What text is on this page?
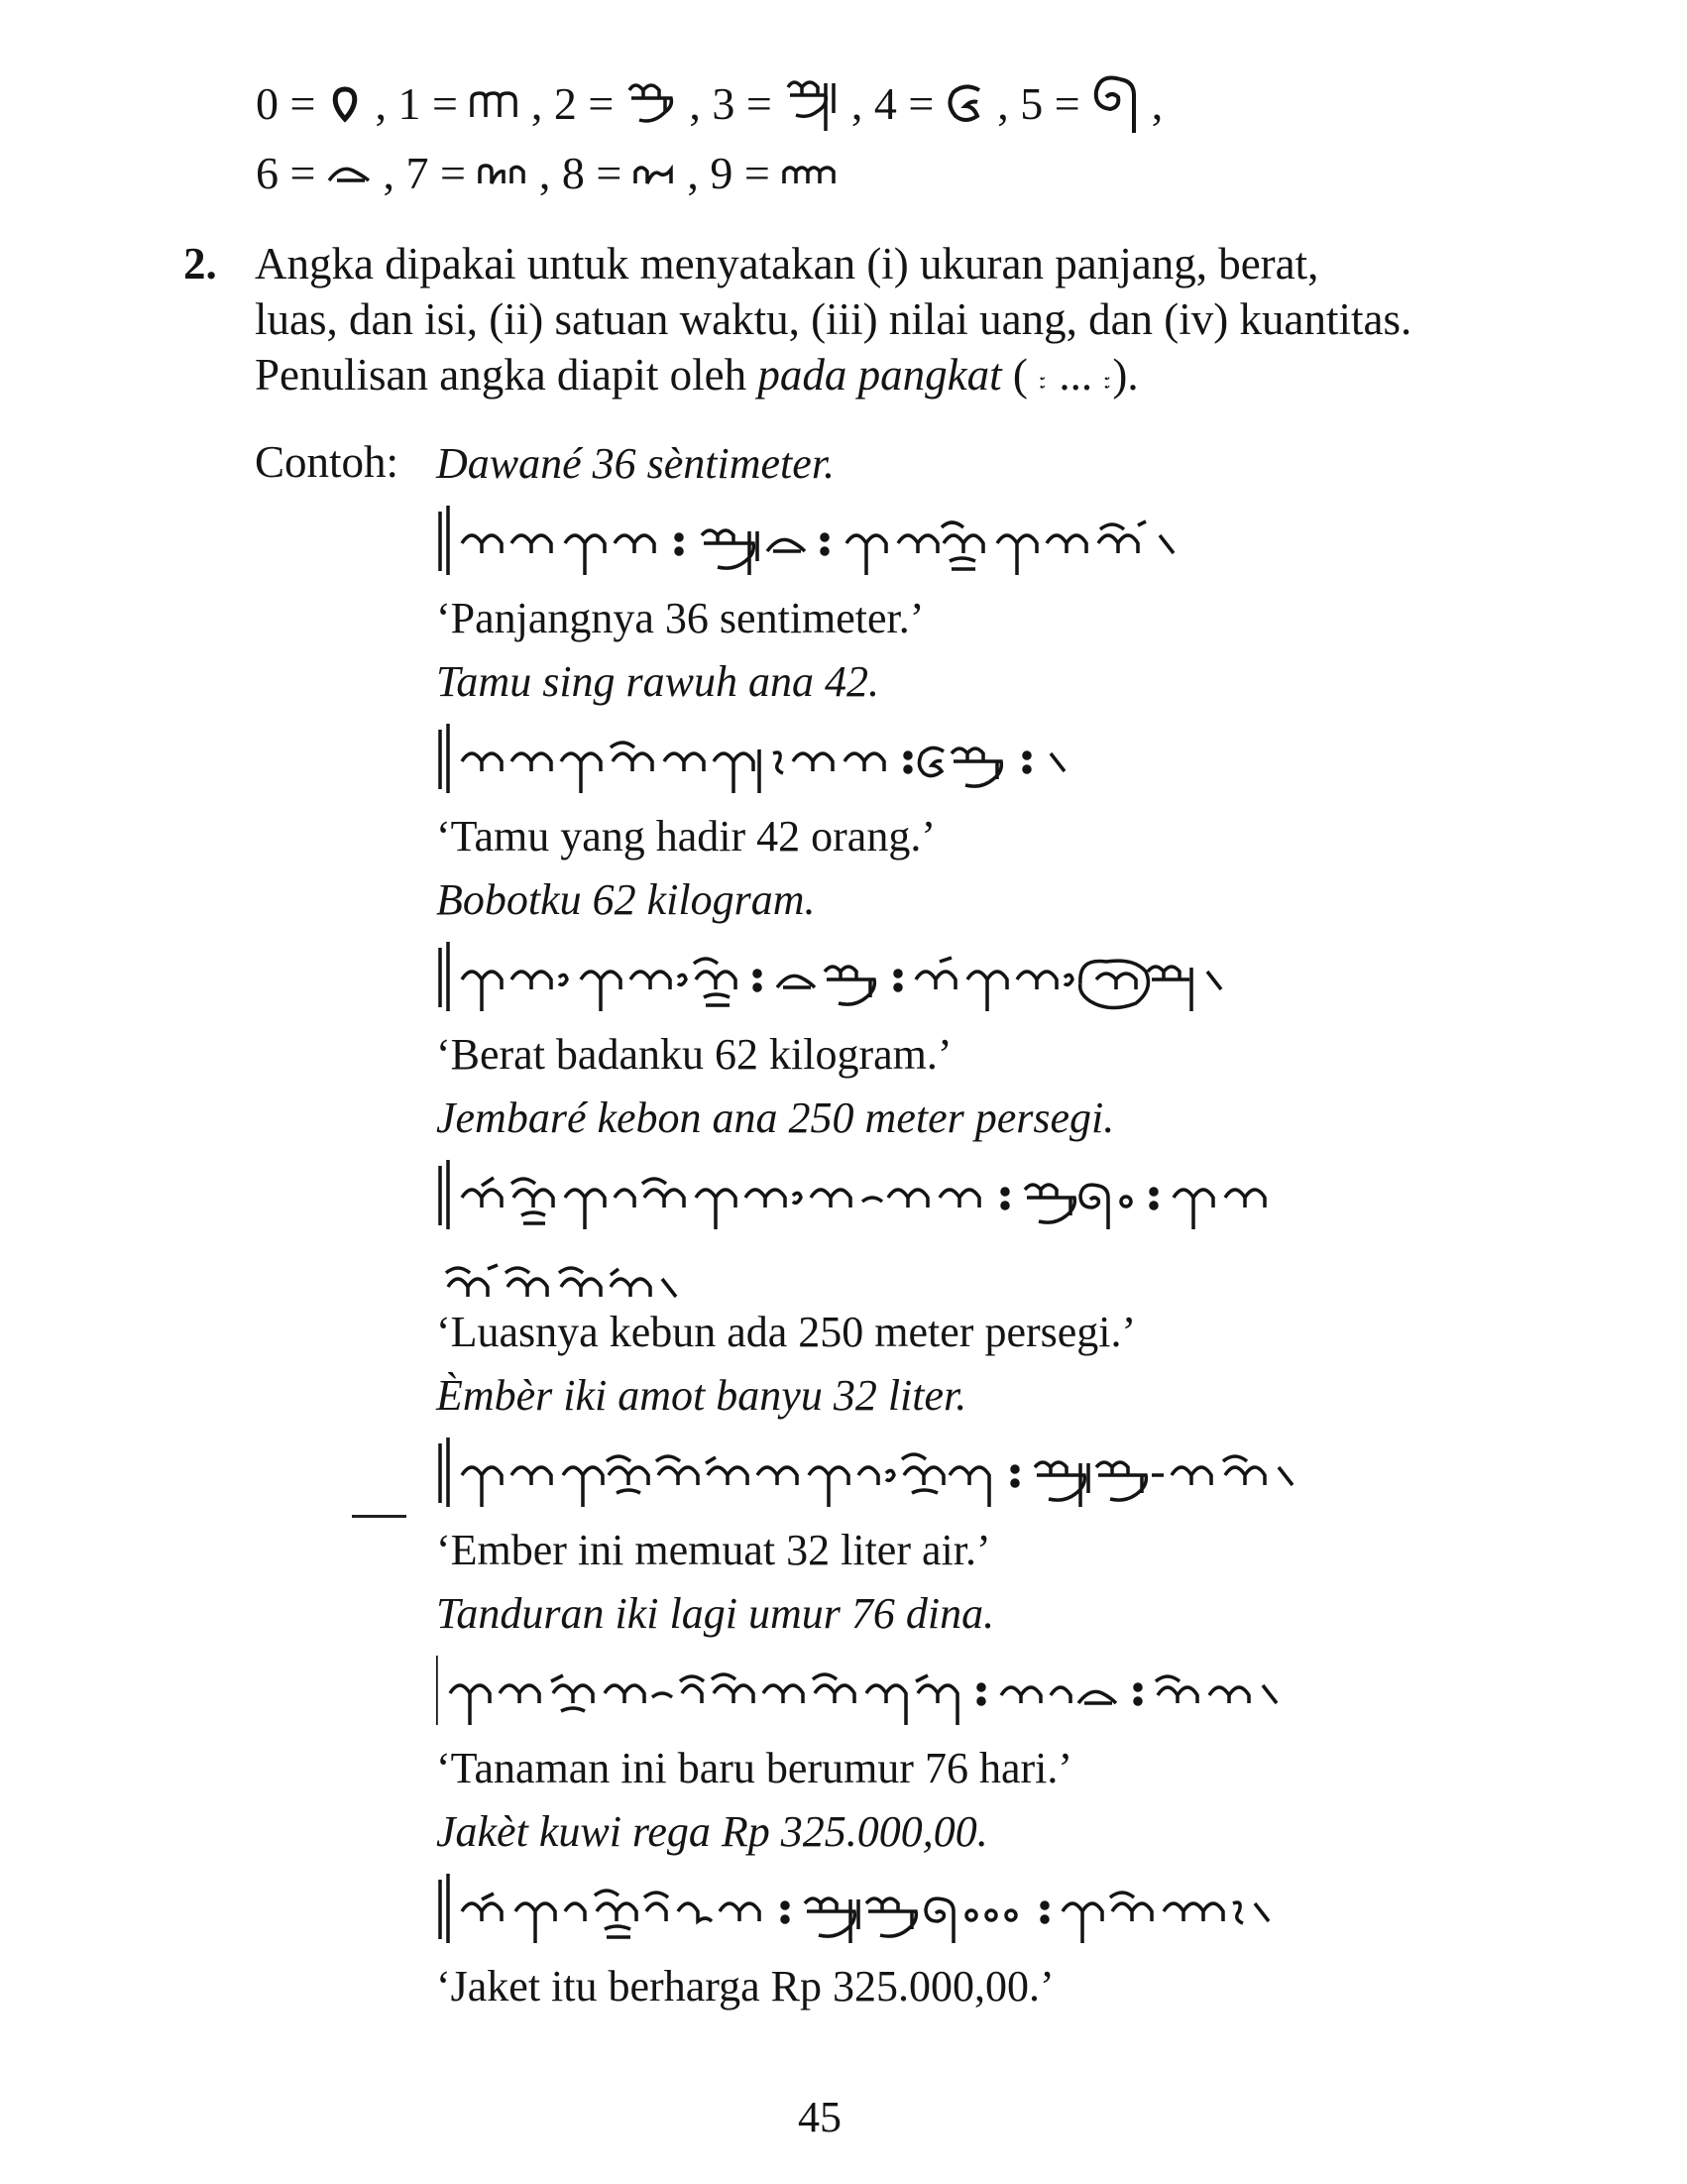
0 = , 1 = , 2 = , 3 = , 4 = , 5 = ,
6 = , 7 = , 8 = , 9 =
2. Angka dipakai untuk menyatakan (i) ukuran panjang, berat,
luas, dan isi, (ii) satuan waktu, (iii) nilai uang, dan (iv) kuantitas.
Penulisan angka diapit oleh pada pangkat ( ꧇ ... ꧇).
Contoh: Dawané 36 sèntimeter.
‘Panjangnya 36 sentimeter.’
Tamu sing rawuh ana 42.
‘Tamu yang hadir 42 orang.’
Bobotku 62 kilogram.
‘Berat badanku 62 kilogram.’
Jembaré kebon ana 250 meter persegi.
‘Luasnya kebun ada 250 meter persegi.’
Èmbèr iki amot banyu 32 liter.
‘Ember ini memuat 32 liter air.’
Tanduran iki lagi umur 76 dina.
‘Tanaman ini baru berumur 76 hari.’
Jakèt kuwi rega Rp 325.000,00.
‘Jaket itu berharga Rp 325.000,00.’
45
